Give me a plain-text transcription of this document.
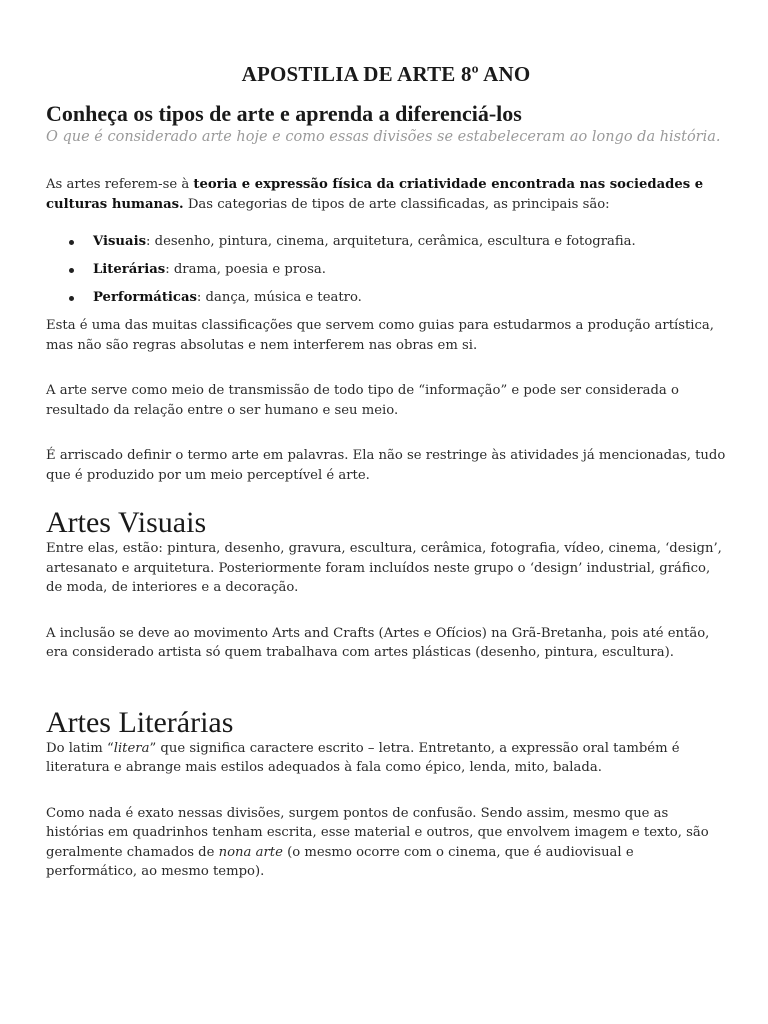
APOSTILIA DE ARTE 8º ANO
Conheça os tipos de arte e aprenda a diferenciá-los

O que é considerado arte hoje e como essas divisões se estabeleceram ao longo da história.

As artes referem-se à teoria e expressão física da criatividade encontrada nas sociedades e culturas humanas. Das categorias de tipos de arte classificadas, as principais são:

Visuais: desenho, pintura, cinema, arquitetura, cerâmica, escultura e fotografia.
Literárias: drama, poesia e prosa.
Performáticas: dança, música e teatro.

Esta é uma das muitas classificações que servem como guias para estudarmos a produção artística, mas não são regras absolutas e nem interferem nas obras em si.

A arte serve como meio de transmissão de todo tipo de “informação” e pode ser considerada o resultado da relação entre o ser humano e seu meio.

É arriscado definir o termo arte em palavras. Ela não se restringe às atividades já mencionadas, tudo que é produzido por um meio perceptível é arte.

Artes Visuais

Entre elas, estão: pintura, desenho, gravura, escultura, cerâmica, fotografia, vídeo, cinema, ‘design’, artesanato e arquitetura. Posteriormente foram incluídos neste grupo o ‘design’ industrial, gráfico, de moda, de interiores e a decoração.

A inclusão se deve ao movimento Arts and Crafts (Artes e Ofícios) na Grã-Bretanha, pois até então, era considerado artista só quem trabalhava com artes plásticas (desenho, pintura, escultura).

Artes Literárias

Do latim “litera” que significa caractere escrito – letra. Entretanto, a expressão oral também é literatura e abrange mais estilos adequados à fala como épico, lenda, mito, balada.

Como nada é exato nessas divisões, surgem pontos de confusão. Sendo assim, mesmo que as histórias em quadrinhos tenham escrita, esse material e outros, que envolvem imagem e texto, são geralmente chamados de nona arte (o mesmo ocorre com o cinema, que é audiovisual e performático, ao mesmo tempo).
